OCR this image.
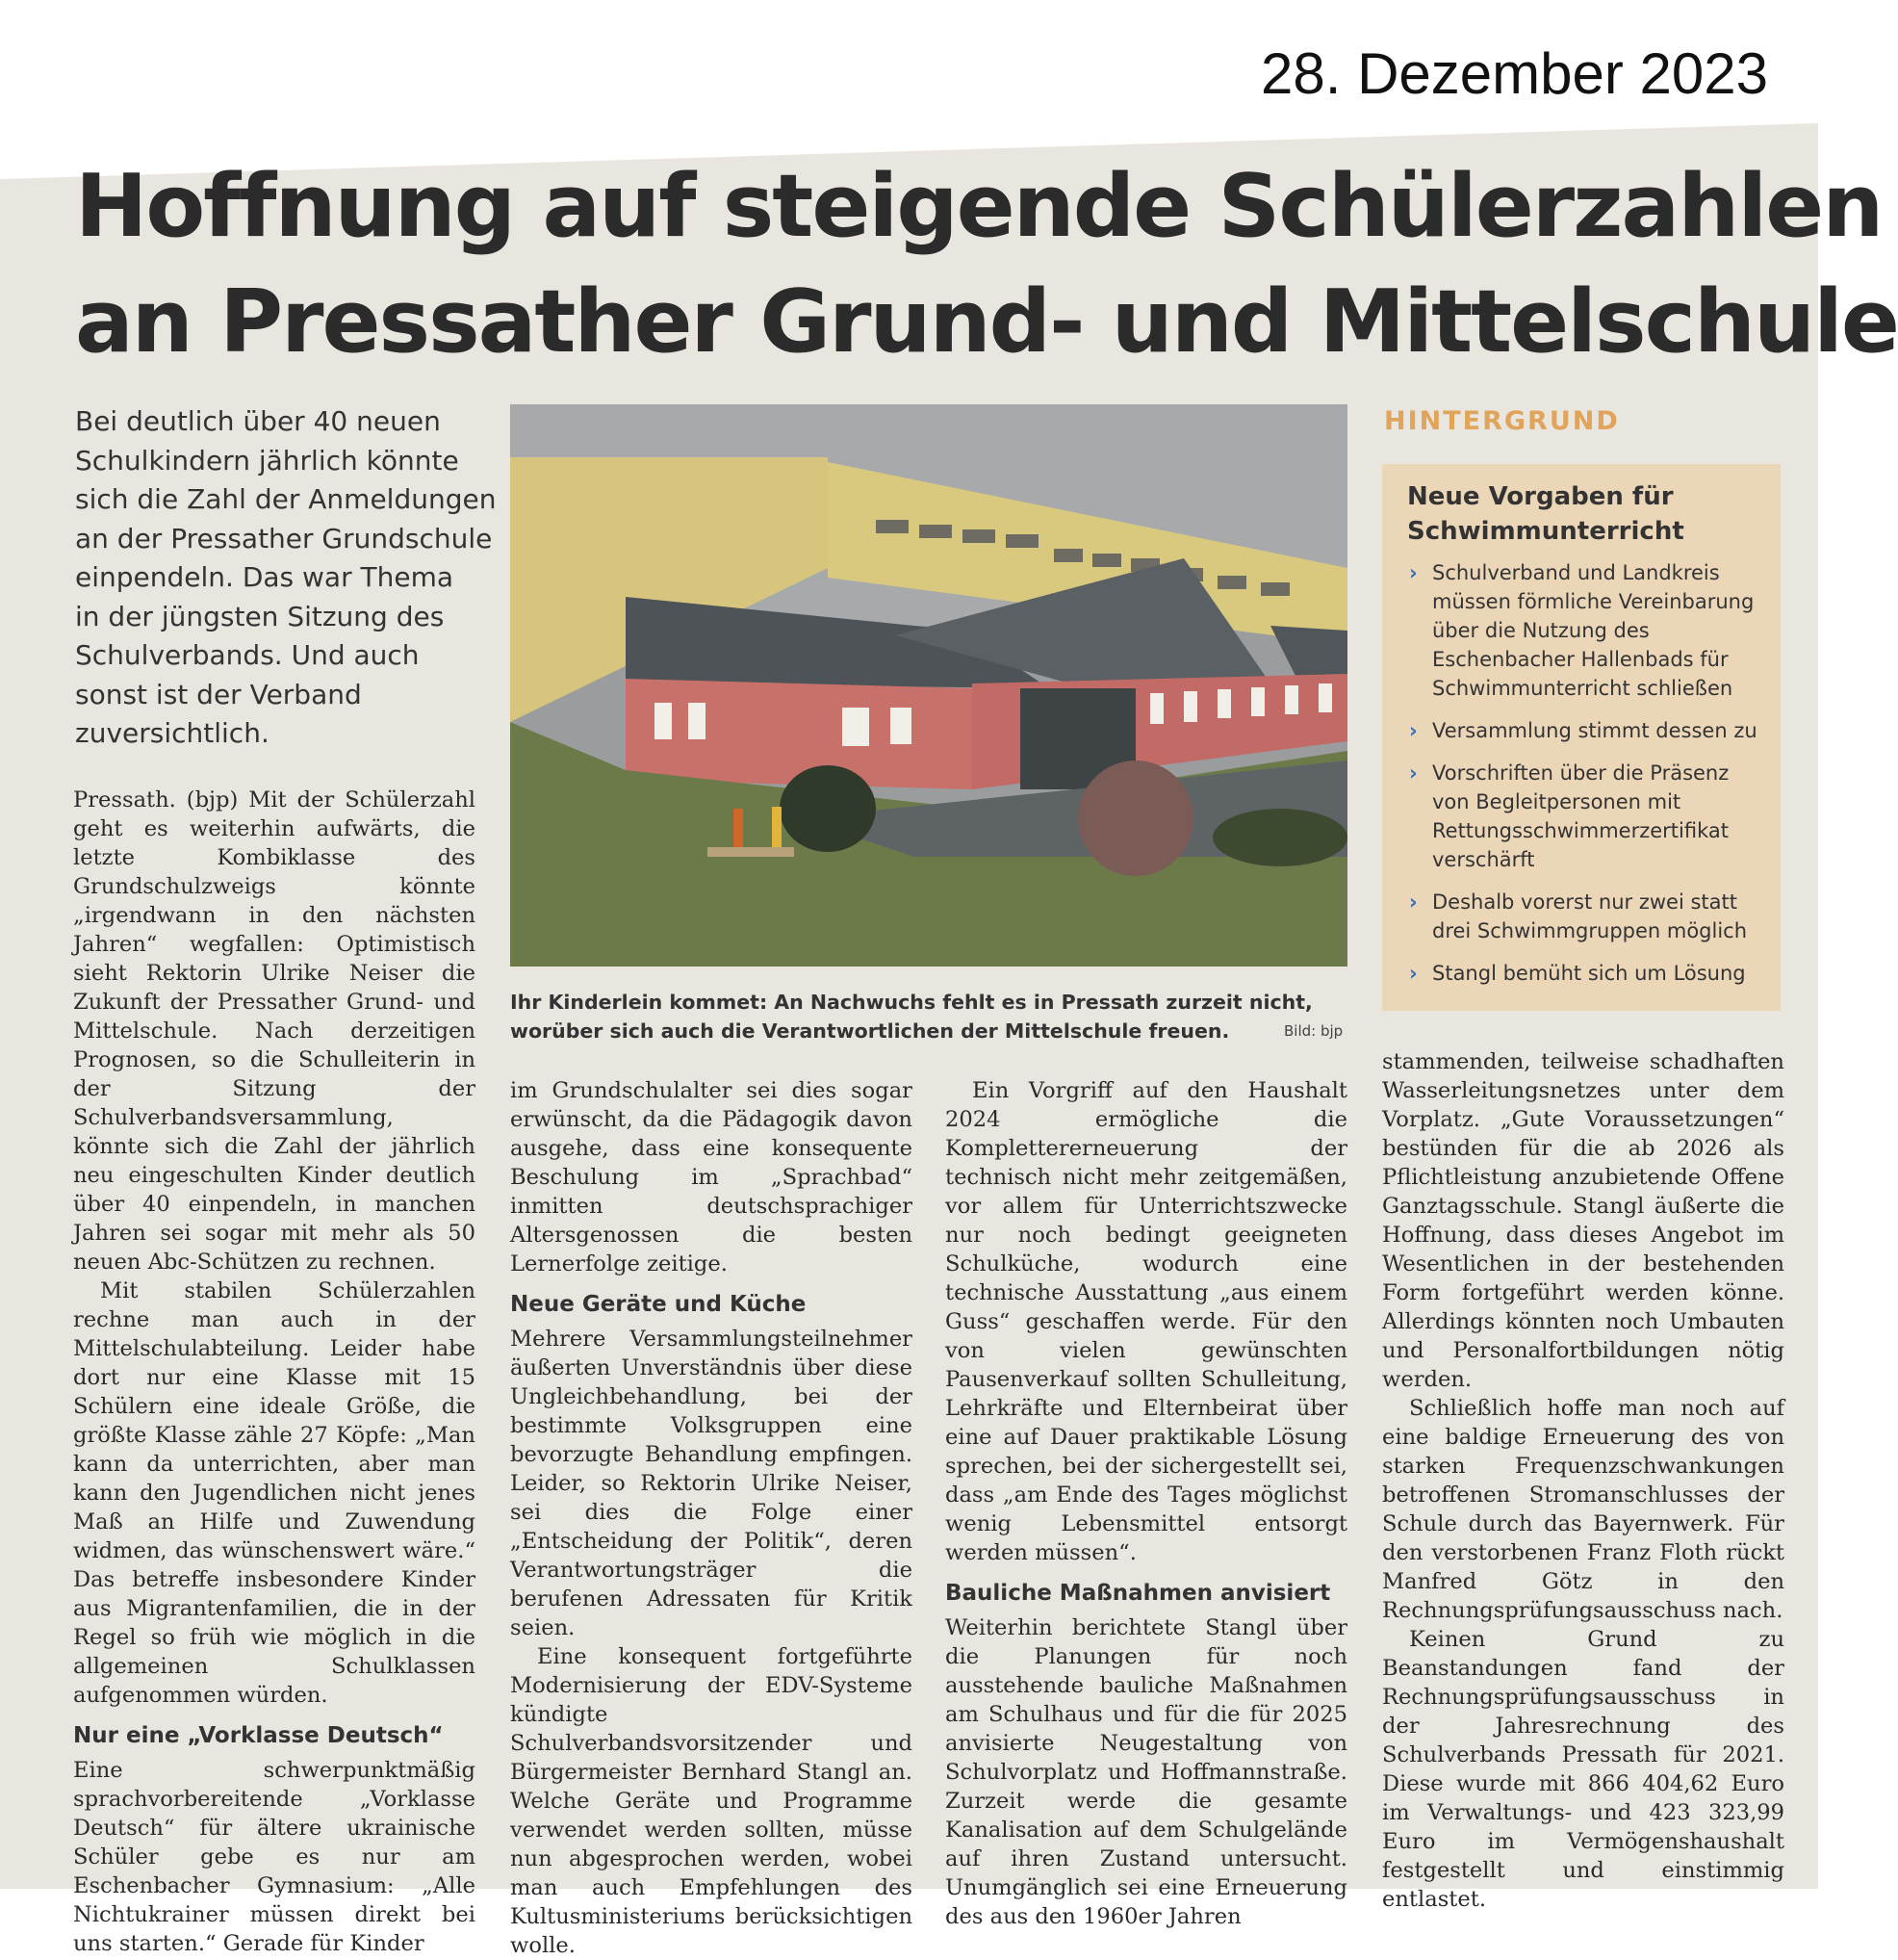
28. Dezember 2023
Hoffnung auf steigende Schülerzahlen
an Pressather Grund- und Mittelschule
Bei deutlich über 40 neuen
Schulkindern jährlich könnte
sich die Zahl der Anmeldungen
an der Pressather Grundschule
einpendeln. Das war Thema
in der jüngsten Sitzung des
Schulverbands. Und auch
sonst ist der Verband
zuversichtlich.
Ihr Kinderlein kommet: An Nachwuchs fehlt es in Pressath zurzeit nicht, worüber sich auch die Verantwortlichen der Mittelschule freuen.	Bild: bjp
HINTERGRUND
Neue Vorgaben für Schwimmunterricht
› Schulverband und Landkreis müssen förmliche Vereinbarung über die Nutzung des Eschenbacher Hallenbads für Schwimmunterricht schließen
› Versammlung stimmt dessen zu
› Vorschriften über die Präsenz von Begleitpersonen mit Rettungsschwimmerzertifikat verschärft
› Deshalb vorerst nur zwei statt drei Schwimmgruppen möglich
› Stangl bemüht sich um Lösung

Pressath. (bjp) Mit der Schülerzahl geht es weiterhin aufwärts, die letzte Kombiklasse des Grundschulzweigs könnte „irgendwann in den nächsten Jahren“ wegfallen: Optimistisch sieht Rektorin Ulrike Neiser die Zukunft der Pressather Grund- und Mittelschule. Nach derzeitigen Prognosen, so die Schulleiterin in der Sitzung der Schulverbandsversammlung, könnte sich die Zahl der jährlich neu eingeschulten Kinder deutlich über 40 einpendeln, in manchen Jahren sei sogar mit mehr als 50 neuen Abc-Schützen zu rechnen.

Mit stabilen Schülerzahlen rechne man auch in der Mittelschulabteilung. Leider habe dort nur eine Klasse mit 15 Schülern eine ideale Größe, die größte Klasse zähle 27 Köpfe: „Man kann da unterrichten, aber man kann den Jugendlichen nicht jenes Maß an Hilfe und Zuwendung widmen, das wünschenswert wäre.“ Das betreffe insbesondere Kinder aus Migrantenfamilien, die in der Regel so früh wie möglich in die allgemeinen Schulklassen aufgenommen würden.

Nur eine „Vorklasse Deutsch“

Eine schwerpunktmäßig sprachvorbereitende „Vorklasse Deutsch“ für ältere ukrainische Schüler gebe es nur am Eschenbacher Gymnasium: „Alle Nichtukrainer müssen direkt bei uns starten.“ Gerade für Kinder

im Grundschulalter sei dies sogar erwünscht, da die Pädagogik davon ausgehe, dass eine konsequente Beschulung im „Sprachbad“ inmitten deutschsprachiger Altersgenossen die besten Lernerfolge zeitige.

Neue Geräte und Küche

Mehrere Versammlungsteilnehmer äußerten Unverständnis über diese Ungleichbehandlung, bei der bestimmte Volksgruppen eine bevorzugte Behandlung empfingen. Leider, so Rektorin Ulrike Neiser, sei dies die Folge einer „Entscheidung der Politik“, deren Verantwortungsträger die berufenen Adressaten für Kritik seien.

Eine konsequent fortgeführte Modernisierung der EDV-Systeme kündigte Schulverbandsvorsitzender und Bürgermeister Bernhard Stangl an. Welche Geräte und Programme verwendet werden sollten, müsse nun abgesprochen werden, wobei man auch Empfehlungen des Kultusministeriums berücksichtigen wolle.

Ein Vorgriff auf den Haushalt 2024 ermögliche die Komplettererneuerung der technisch nicht mehr zeitgemäßen, vor allem für Unterrichtszwecke nur noch bedingt geeigneten Schulküche, wodurch eine technische Ausstattung „aus einem Guss“ geschaffen werde. Für den von vielen gewünschten Pausenverkauf sollten Schulleitung, Lehrkräfte und Elternbeirat über eine auf Dauer praktikable Lösung sprechen, bei der sichergestellt sei, dass „am Ende des Tages möglichst wenig Lebensmittel entsorgt werden müssen“.

Bauliche Maßnahmen anvisiert

Weiterhin berichtete Stangl über die Planungen für noch ausstehende bauliche Maßnahmen am Schulhaus und für die für 2025 anvisierte Neugestaltung von Schulvorplatz und Hoffmannstraße. Zurzeit werde die gesamte Kanalisation auf dem Schulgelände auf ihren Zustand untersucht. Unumgänglich sei eine Erneuerung des aus den 1960er Jahren

stammenden, teilweise schadhaften Wasserleitungsnetzes unter dem Vorplatz. „Gute Voraussetzungen“ bestünden für die ab 2026 als Pflichtleistung anzubietende Offene Ganztagsschule. Stangl äußerte die Hoffnung, dass dieses Angebot im Wesentlichen in der bestehenden Form fortgeführt werden könne. Allerdings könnten noch Umbauten und Personalfortbildungen nötig werden.

Schließlich hoffe man noch auf eine baldige Erneuerung des von starken Frequenzschwankungen betroffenen Stromanschlusses der Schule durch das Bayernwerk. Für den verstorbenen Franz Floth rückt Manfred Götz in den Rechnungsprüfungsausschuss nach.

Keinen Grund zu Beanstandungen fand der Rechnungsprüfungsausschuss in der Jahresrechnung des Schulverbands Pressath für 2021. Diese wurde mit 866 404,62 Euro im Verwaltungs- und 423 323,99 Euro im Vermögenshaushalt festgestellt und einstimmig entlastet.
